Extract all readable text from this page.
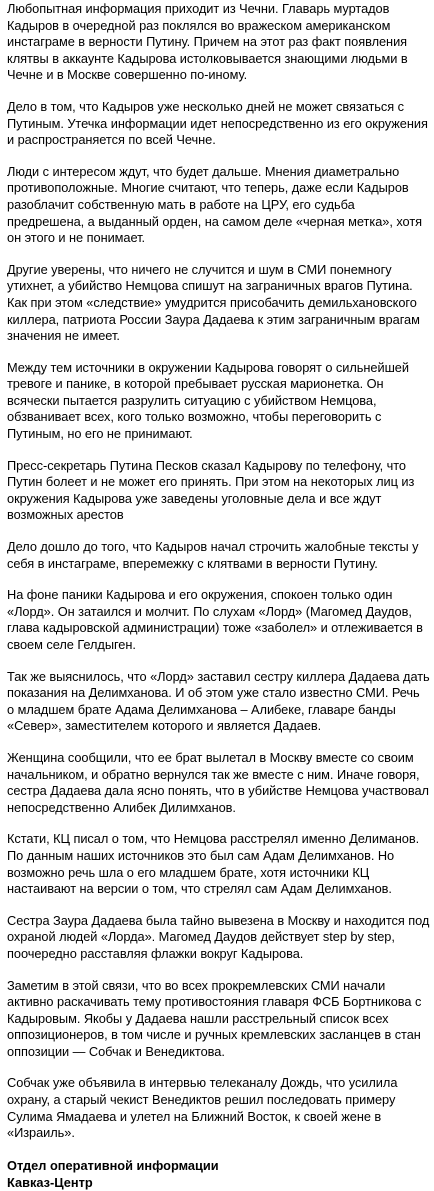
Любопытная информация приходит из Чечни. Главарь муртадов Кадыров в очередной раз поклялся во вражеском американском инстаграме в верности Путину. Причем на этот раз факт появления клятвы в аккаунте Кадырова истолковывается знающими людьми в Чечне и в Москве совершенно по-иному.

Дело в том, что Кадыров уже несколько дней не может связаться с Путиным. Утечка информации идет непосредственно из его окружения и распространяется по всей Чечне.

Люди с интересом ждут, что будет дальше. Мнения диаметрально противоположные. Многие считают, что теперь, даже если Кадыров разоблачит собственную мать в работе на ЦРУ, его судьба предрешена, а выданный орден, на самом деле «черная метка», хотя он этого и не понимает.

Другие уверены, что ничего не случится и шум в СМИ понемногу утихнет, а убийство Немцова спишут на заграничных врагов Путина. Как при этом «следствие» умудрится присобачить демильхановского киллера, патриота России Заура Дадаева к этим заграничным врагам значения не имеет.

Между тем источники в окружении Кадырова говорят о сильнейшей тревоге и панике, в которой пребывает русская марионетка. Он всячески пытается разрулить ситуацию с убийством Немцова, обзванивает всех, кого только возможно, чтобы переговорить с Путиным, но его не принимают.

Пресс-секретарь Путина Песков сказал Кадырову по телефону, что Путин болеет и не может его принять. При этом на некоторых лиц из окружения Кадырова уже заведены уголовные дела и все ждут возможных арестов

Дело дошло до того, что Кадыров начал строчить жалобные тексты у себя в инстаграме, вперемежку с клятвами в верности Путину.

На фоне паники Кадырова и его окружения, спокоен только один «Лорд». Он затаился и молчит. По слухам «Лорд» (Магомед Даудов, глава кадыровской администрации) тоже «заболел» и отлеживается в своем селе Гелдыген.

Так же выяснилось, что «Лорд» заставил сестру киллера Дадаева дать показания на Делимханова. И об этом уже стало известно СМИ. Речь о младшем брате Адама Делимханова – Алибеке, главаре банды «Север», заместителем которого и является Дадаев.

Женщина сообщили, что ее брат вылетал в Москву вместе со своим начальником, и обратно вернулся так же вместе с ним. Иначе говоря, сестра Дадаева дала ясно понять, что в убийстве Немцова участвовал непосредственно Алибек Дилимханов.

Кстати, КЦ писал о том, что Немцова расстрелял именно Делиманов. По данным наших источников это был сам Адам Делимханов. Но возможно речь шла о его младшем брате, хотя источники КЦ настаивают на версии о том, что стрелял сам Адам Делимханов.

Сестра Заура Дадаева была тайно вывезена в Москву и находится под охраной людей «Лорда». Магомед Даудов действует step by step, поочередно расставляя флажки вокруг Кадырова.

Заметим в этой связи, что во всех прокремлевских СМИ начали активно раскачивать тему противостояния главаря ФСБ Бортникова с Кадыровым. Якобы у Дадаева нашли расстрельный список всех оппозиционеров, в том числе и ручных кремлевских засланцев в стан оппозиции — Собчак и Венедиктова.

Собчак уже объявила в интервью телеканалу Дождь, что усилила охрану, а старый чекист Венедиктов решил последовать примеру Сулима Ямадаева и улетел на Ближний Восток, к своей жене в «Израиль».

Отдел оперативной информации

Кавказ-Центр
